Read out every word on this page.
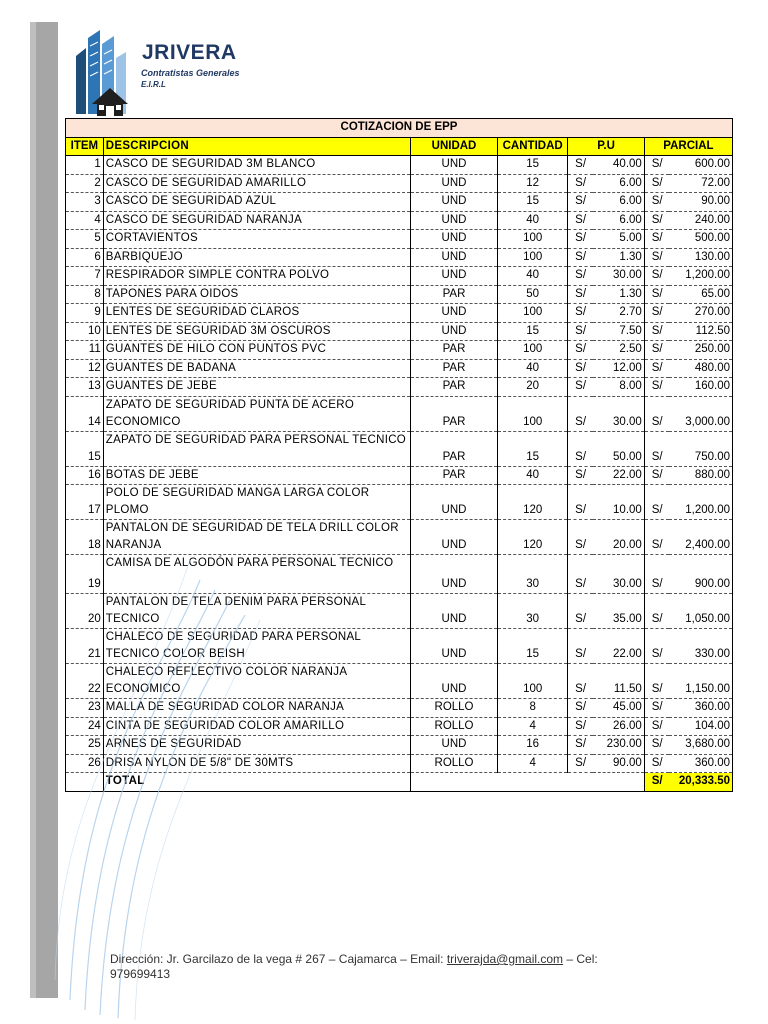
JRIVERA
Contratistas Generales
E.I.R.L
COTIZACION DE EPP							
ITEM	DESCRIPCION	UNIDAD	CANTIDAD	P.U		PARCIAL	
1	CASCO DE SEGURIDAD 3M BLANCO	UND	15	S/	40.00	S/	600.00
2	CASCO DE SEGURIDAD AMARILLO	UND	12	S/	6.00	S/	72.00
3	CASCO DE SEGURIDAD AZUL	UND	15	S/	6.00	S/	90.00
4	CASCO DE SEGURIDAD NARANJA	UND	40	S/	6.00	S/	240.00
5	CORTAVIENTOS	UND	100	S/	5.00	S/	500.00
6	BARBIQUEJO	UND	100	S/	1.30	S/	130.00
7	RESPIRADOR SIMPLE CONTRA POLVO	UND	40	S/	30.00	S/	1,200.00
8	TAPONES PARA OIDOS	PAR	50	S/	1.30	S/	65.00
9	LENTES DE SEGURIDAD CLAROS	UND	100	S/	2.70	S/	270.00
10	LENTES DE SEGURIDAD 3M OSCUROS	UND	15	S/	7.50	S/	112.50
11	GUANTES DE HILO CON PUNTOS PVC	PAR	100	S/	2.50	S/	250.00
12	GUANTES DE BADANA	PAR	40	S/	12.00	S/	480.00
13	GUANTES DE JEBE	PAR	20	S/	8.00	S/	160.00
14	ZAPATO DE SEGURIDAD PUNTA DE ACERO ECONOMICO	PAR	100	S/	30.00	S/	3,000.00
15	ZAPATO DE SEGURIDAD PARA PERSONAL TECNICO	PAR	15	S/	50.00	S/	750.00
16	BOTAS DE JEBE	PAR	40	S/	22.00	S/	880.00
17	POLO DE SEGURIDAD MANGA LARGA COLOR PLOMO	UND	120	S/	10.00	S/	1,200.00
18	PANTALON DE SEGURIDAD DE TELA DRILL COLOR NARANJA	UND	120	S/	20.00	S/	2,400.00
19	CAMISA DE ALGODÓN PARA PERSONAL TECNICO	UND	30	S/	30.00	S/	900.00
20	PANTALON DE TELA DENIM PARA PERSONAL TECNICO	UND	30	S/	35.00	S/	1,050.00
21	CHALECO DE SEGURIDAD PARA PERSONAL TECNICO COLOR BEISH	UND	15	S/	22.00	S/	330.00
22	CHALECO REFLECTIVO COLOR NARANJA ECONOMICO	UND	100	S/	11.50	S/	1,150.00
23	MALLA DE SEGURIDAD COLOR NARANJA	ROLLO	8	S/	45.00	S/	360.00
24	CINTA DE SEGURIDAD COLOR AMARILLO	ROLLO	4	S/	26.00	S/	104.00
25	ARNES DE SEGURIDAD	UND	16	S/	230.00	S/	3,680.00
26	DRISA NYLON DE 5/8" DE 30MTS	ROLLO	4	S/	90.00	S/	360.00
	TOTAL					S/	20,333.50
Dirección: Jr. Garcilazo de la vega # 267 – Cajamarca – Email: triverajda@gmail.com – Cel:
979699413
